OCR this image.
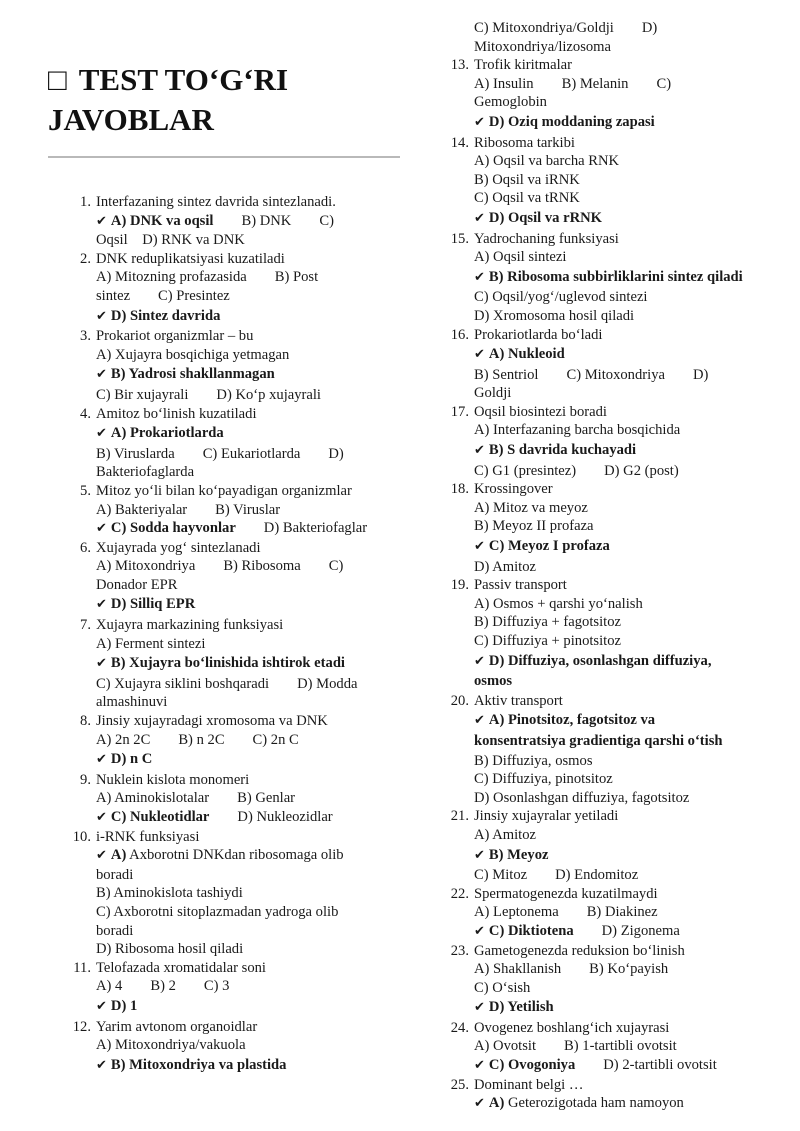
□ TEST TO‘G‘RI JAVOBLAR
1. Interfazaning sintez davrida sintezlanadi.
✔ A) DNK va oqsil B) DNK C)
Oqsil D) RNK va DNK
2. DNK reduplikatsiyasi kuzatiladi
A) Mitozning profazasida B) Post
sintez C) Presintez
✔ D) Sintez davrida
3. Prokariot organizmlar – bu
A) Xujayra bosqichiga yetmagan
✔ B) Yadrosi shakllanmagan
C) Bir xujayrali D) Ko‘p xujayrali
4. Amitoz bo‘linish kuzatiladi
✔ A) Prokariotlarda
B) Viruslarda C) Eukariotlarda D)
Bakteriofaglarda
5. Mitoz yo‘li bilan ko‘payadigan organizmlar
A) Bakteriyalar B) Viruslar
✔ C) Sodda hayvonlar D) Bakteriofaglar
6. Xujayrada yog‘ sintezlanadi
A) Mitoxondriya B) Ribosoma C)
Donador EPR
✔ D) Silliq EPR
7. Xujayra markazining funksiyasi
A) Ferment sintezi
✔ B) Xujayra bo‘linishida ishtirok etadi
C) Xujayra siklini boshqaradi D) Modda
almashinuvi
8. Jinsiy xujayradagi xromosoma va DNK
A) 2n 2C B) n 2C C) 2n C
✔ D) n C
9. Nuklein kislota monomeri
A) Aminokislotalar B) Genlar
✔ C) Nukleotidlar D) Nukleozidlar
10. i-RNK funksiyasi
✔ A) Axborotni DNKdan ribosomaga olib
boradi
B) Aminokislota tashiydi
C) Axborotni sitoplazmadan yadroga olib
boradi
D) Ribosoma hosil qiladi
11. Telofazada xromatidalar soni
A) 4 B) 2 C) 3
✔ D) 1
12. Yarim avtonom organoidlar
A) Mitoxondriya/vakuola
✔ B) Mitoxondriya va plastida
C) Mitoxondriya/Goldji D)
Mitoxondriya/lizosoma
13. Trofik kiritmalar
A) Insulin B) Melanin C)
Gemoglobin
✔ D) Oziq moddaning zapasi
14. Ribosoma tarkibi
A) Oqsil va barcha RNK
B) Oqsil va iRNK
C) Oqsil va tRNK
✔ D) Oqsil va rRNK
15. Yadrochaning funksiyasi
A) Oqsil sintezi
✔ B) Ribosoma subbirliklarini sintez qiladi
C) Oqsil/yog‘/uglevod sintezi
D) Xromosoma hosil qiladi
16. Prokariotlarda bo‘ladi
✔ A) Nukleoid
B) Sentriol C) Mitoxondriya D)
Goldji
17. Oqsil biosintezi boradi
A) Interfazaning barcha bosqichida
✔ B) S davrida kuchayadi
C) G1 (presintez) D) G2 (post)
18. Krossingover
A) Mitoz va meyoz
B) Meyoz II profaza
✔ C) Meyoz I profaza
D) Amitoz
19. Passiv transport
A) Osmos + qarshi yo‘nalish
B) Diffuziya + fagotsitoz
C) Diffuziya + pinotsitoz
✔ D) Diffuziya, osonlashgan diffuziya,
osmos
20. Aktiv transport
✔ A) Pinotsitoz, fagotsitoz va
konsentratsiya gradientiga qarshi o‘tish
B) Diffuziya, osmos
C) Diffuziya, pinotsitoz
D) Osonlashgan diffuziya, fagotsitoz
21. Jinsiy xujayralar yetiladi
A) Amitoz
✔ B) Meyoz
C) Mitoz D) Endomitoz
22. Spermatogenezda kuzatilmaydi
A) Leptonema B) Diakinez
✔ C) Diktiotena D) Zigonema
23. Gametogenezda reduksion bo‘linish
A) Shakllanish B) Ko‘payish
C) O‘sish
✔ D) Yetilish
24. Ovogenez boshlang‘ich xujayrasi
A) Ovotsit B) 1-tartibli ovotsit
✔ C) Ovogoniya D) 2-tartibli ovotsit
25. Dominant belgi …
✔ A) Geterozigotada ham namoyon
